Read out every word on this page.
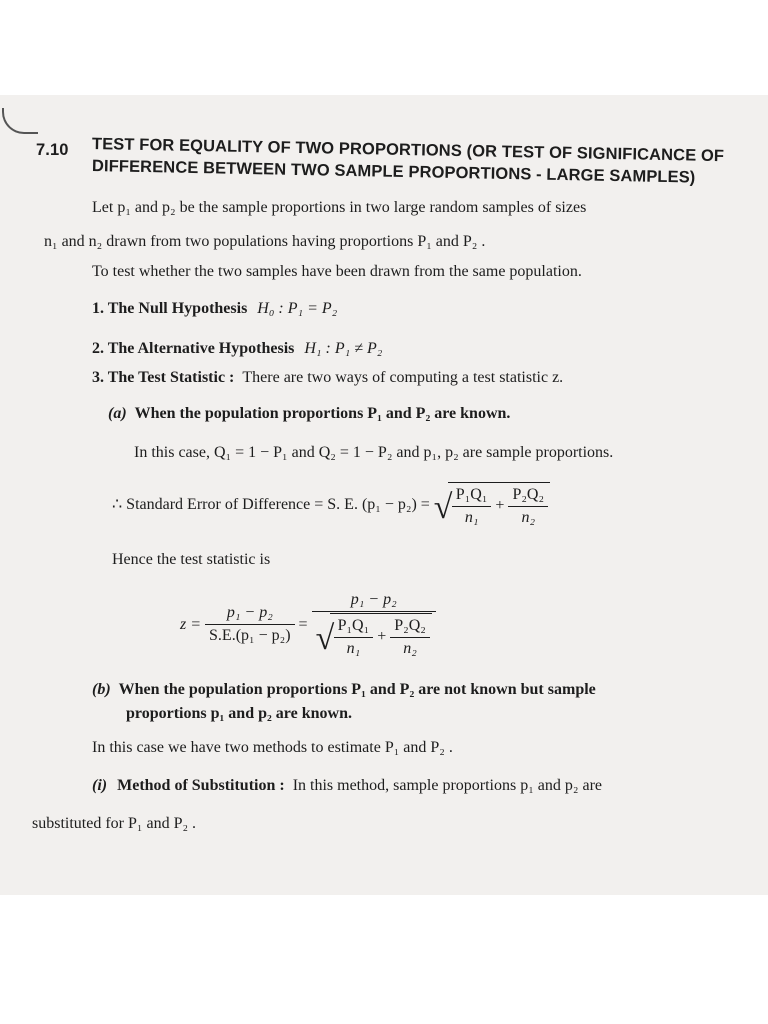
7.10 TEST FOR EQUALITY OF TWO PROPORTIONS (OR TEST OF SIGNIFICANCE OF
DIFFERENCE BETWEEN TWO SAMPLE PROPORTIONS - LARGE SAMPLES)
Let p₁ and p₂ be the sample proportions in two large random samples of sizes
n₁ and n₂ drawn from two populations having proportions P₁ and P₂ .
To test whether the two samples have been drawn from the same population.
1. The Null Hypothesis H₀ : P₁ = P₂
2. The Alternative Hypothesis H₁ : P₁ ≠ P₂
3. The Test Statistic : There are two ways of computing a test statistic z.
(a) When the population proportions P₁ and P₂ are known.
In this case, Q₁ = 1 − P₁ and Q₂ = 1 − P₂ and p₁, p₂ are sample proportions.
∴ Standard Error of Difference = S. E. (p₁ − p₂) = √ $\frac{\text{P₁Q₁}}{\text{n₁}} + \frac{\text{P₂Q₂}}{\text{n₂}}$
Hence the test statistic is
$z = \frac{\text{p₁ − p₂}}{\text{S.E.(p₁ − p₂)}}$ =
p₁ − p₂
√ $\frac{\text{P₁Q₁}}{\text{n₁}} + \frac{\text{P₂Q₂}}{\text{n₂}}$
(b) When the population proportions P₁ and P₂ are not known but sample
proportions p₁ and p₂ are known.
In this case we have two methods to estimate P₁ and P₂ .
(i) Method of Substitution : In this method, sample proportions p₁ and p₂ are
substituted for P₁ and P₂ .
